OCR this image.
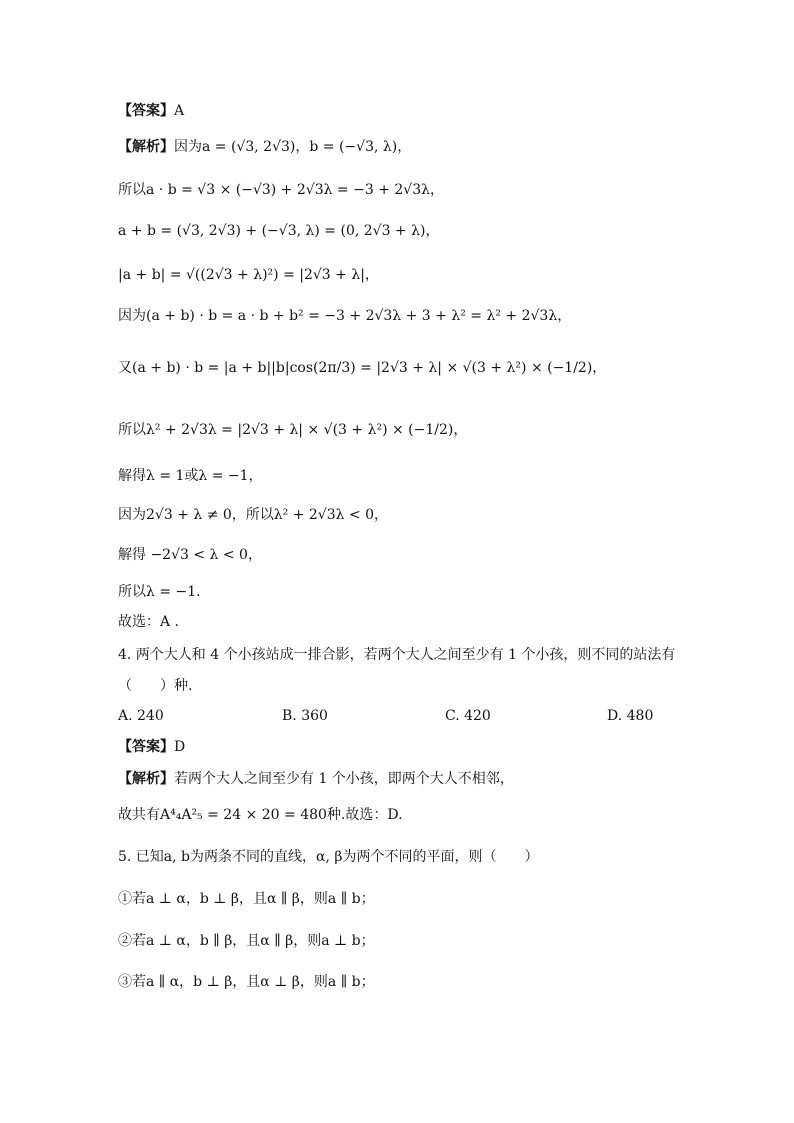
【答案】A
【解析】因为a = (√3, 2√3)，b = (−√3, λ)，
所以a · b = √3 × (−√3) + 2√3λ = −3 + 2√3λ，
a + b = (√3, 2√3) + (−√3, λ) = (0, 2√3 + λ)，
|a + b| = √((2√3 + λ)²) = |2√3 + λ|，
因为(a + b) · b = a · b + b² = −3 + 2√3λ + 3 + λ² = λ² + 2√3λ，
又(a + b) · b = |a + b||b|cos(2π/3) = |2√3 + λ| × √(3 + λ²) × (−1/2)，
所以λ² + 2√3λ = |2√3 + λ| × √(3 + λ²) × (−1/2)，
解得λ = 1或λ = −1，
因为2√3 + λ ≠ 0，所以λ² + 2√3λ < 0，
解得 −2√3 < λ < 0，
所以λ = −1.
故选：A .
4. 两个大人和 4 个小孩站成一排合影，若两个大人之间至少有 1 个小孩，则不同的站法有
（　　）种.
A. 240	B. 360	C. 420	D. 480
【答案】D
【解析】若两个大人之间至少有 1 个小孩，即两个大人不相邻，
故共有A⁴₄A²₅ = 24 × 20 = 480种.故选：D.
5. 已知a, b为两条不同的直线，α, β为两个不同的平面，则（　　）
①若a ⊥ α，b ⊥ β，且α ∥ β，则a ∥ b；
②若a ⊥ α，b ∥ β，且α ∥ β，则a ⊥ b；
③若a ∥ α，b ⊥ β，且α ⊥ β，则a ∥ b；
